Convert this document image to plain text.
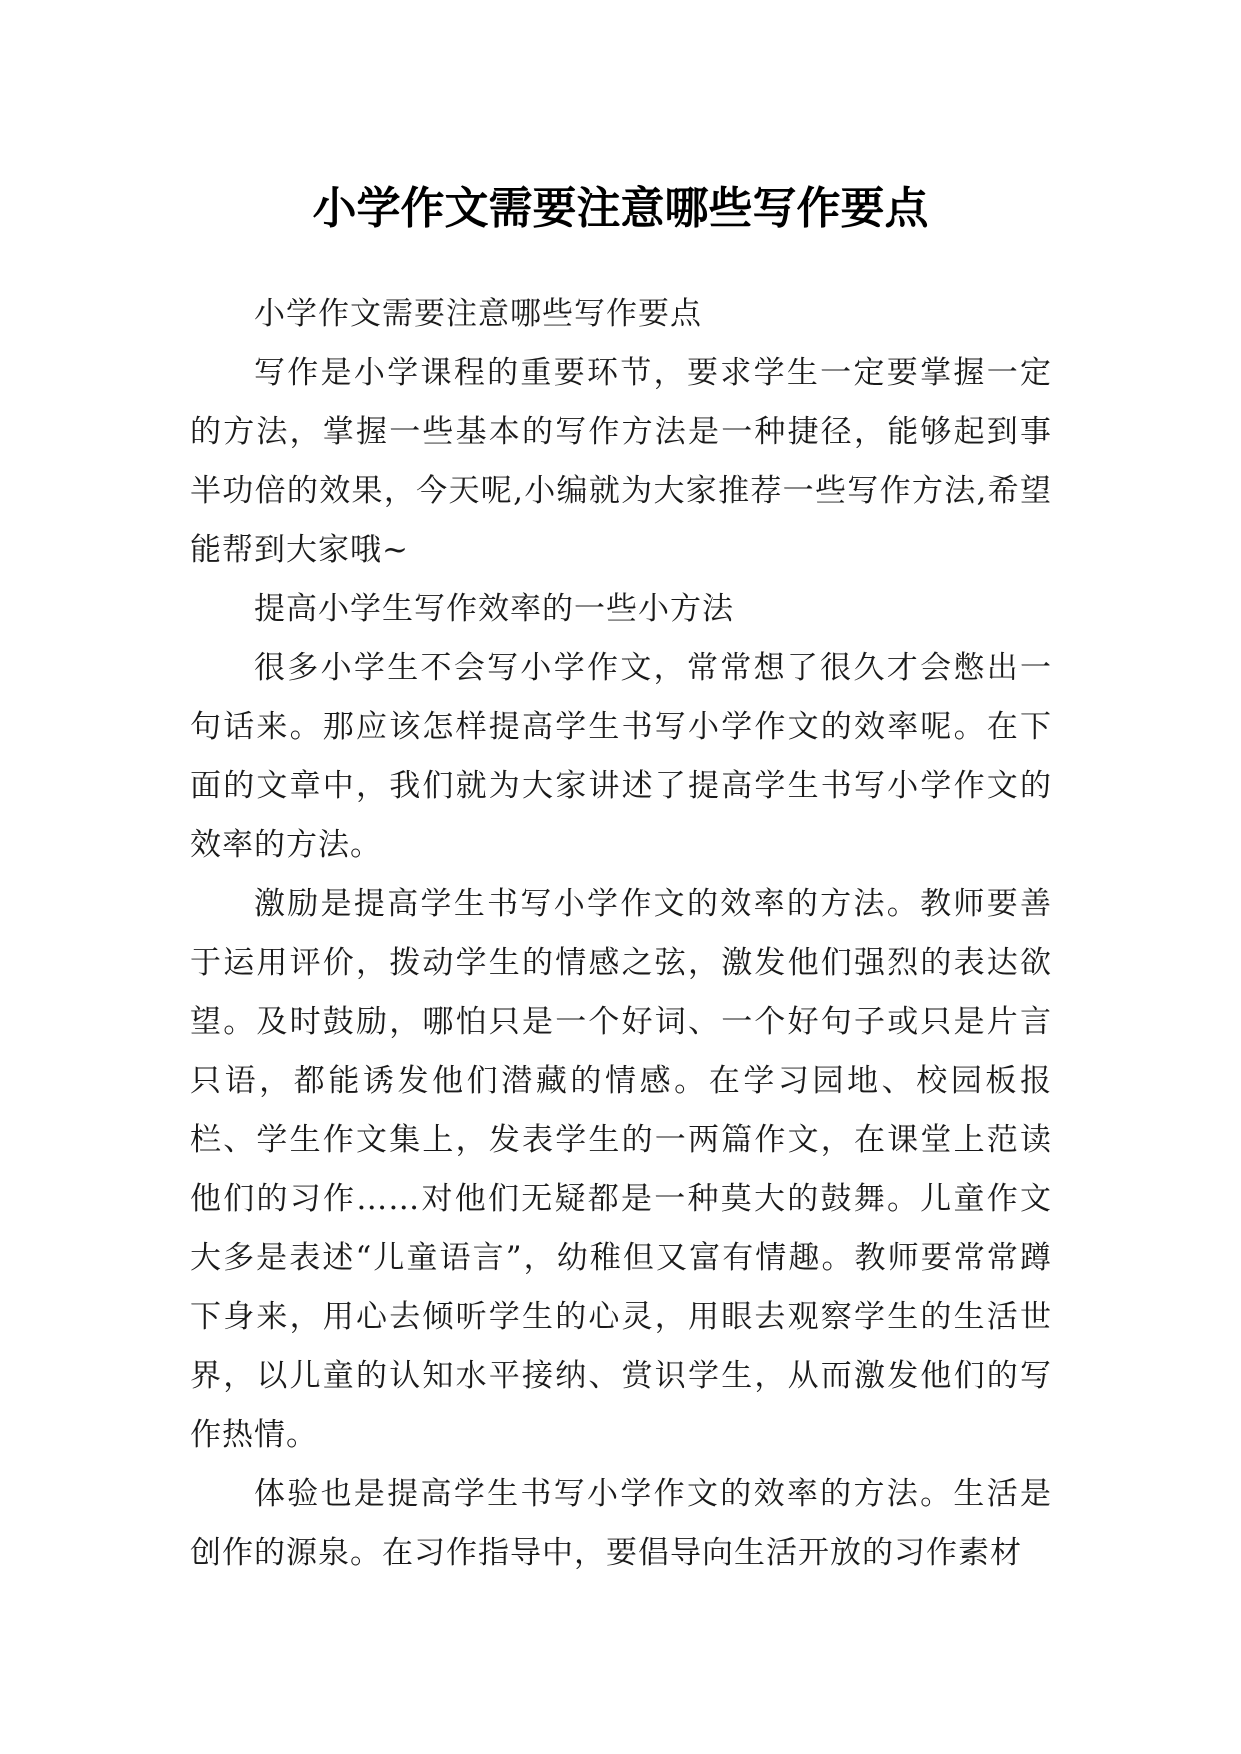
小学作文需要注意哪些写作要点

小学作文需要注意哪些写作要点

写作是小学课程的重要环节，要求学生一定要掌握一定的方法，掌握一些基本的写作方法是一种捷径，能够起到事半功倍的效果，今天呢,小编就为大家推荐一些写作方法,希望能帮到大家哦~

提高小学生写作效率的一些小方法

很多小学生不会写小学作文，常常想了很久才会憋出一句话来。那应该怎样提高学生书写小学作文的效率呢。在下面的文章中，我们就为大家讲述了提高学生书写小学作文的效率的方法。

激励是提高学生书写小学作文的效率的方法。教师要善于运用评价，拨动学生的情感之弦，激发他们强烈的表达欲望。及时鼓励，哪怕只是一个好词、一个好句子或只是片言只语，都能诱发他们潜藏的情感。在学习园地、校园板报栏、学生作文集上，发表学生的一两篇作文，在课堂上范读他们的习作……对他们无疑都是一种莫大的鼓舞。儿童作文大多是表述“儿童语言”，幼稚但又富有情趣。教师要常常蹲下身来，用心去倾听学生的心灵，用眼去观察学生的生活世界，以儿童的认知水平接纳、赏识学生，从而激发他们的写作热情。

体验也是提高学生书写小学作文的效率的方法。生活是创作的源泉。在习作指导中，要倡导向生活开放的习作素材
